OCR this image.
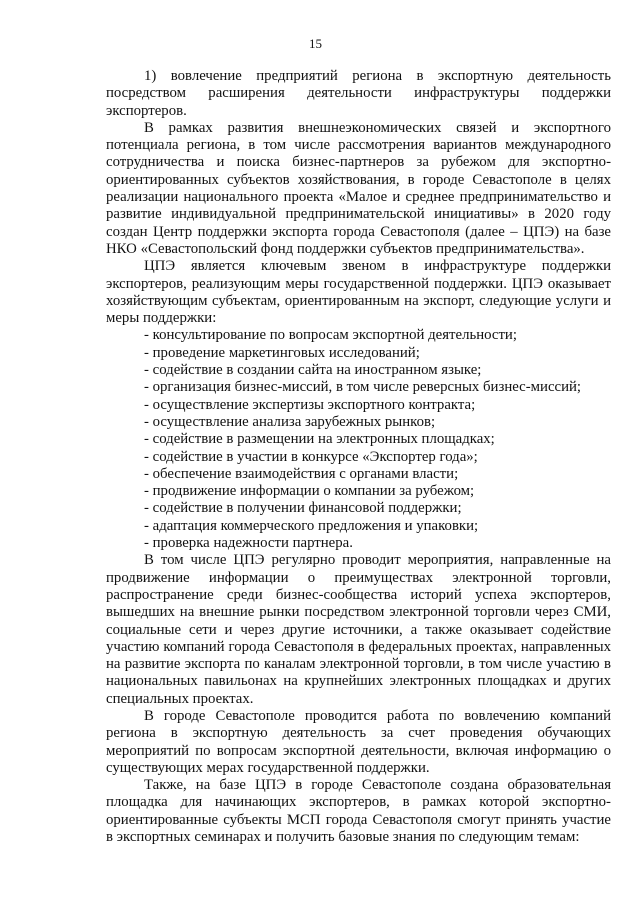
15

1) вовлечение предприятий региона в экспортную деятельность посредством расширения деятельности инфраструктуры поддержки экспортеров.

В рамках развития внешнеэкономических связей и экспортного потенциала региона, в том числе рассмотрения вариантов международного сотрудничества и поиска бизнес-партнеров за рубежом для экспортно-ориентированных субъектов хозяйствования, в городе Севастополе в целях реализации национального проекта «Малое и среднее предпринимательство и развитие индивидуальной предпринимательской инициативы» в 2020 году создан Центр поддержки экспорта города Севастополя (далее – ЦПЭ) на базе НКО «Севастопольский фонд поддержки субъектов предпринимательства».

ЦПЭ является ключевым звеном в инфраструктуре поддержки экспортеров, реализующим меры государственной поддержки. ЦПЭ оказывает хозяйствующим субъектам, ориентированным на экспорт, следующие услуги и меры поддержки:

- консультирование по вопросам экспортной деятельности;
- проведение маркетинговых исследований;
- содействие в создании сайта на иностранном языке;
- организация бизнес-миссий, в том числе реверсных бизнес-миссий;
- осуществление экспертизы экспортного контракта;
- осуществление анализа зарубежных рынков;
- содействие в размещении на электронных площадках;
- содействие в участии в конкурсе «Экспортер года»;
- обеспечение взаимодействия с органами власти;
- продвижение информации о компании за рубежом;
- содействие в получении финансовой поддержки;
- адаптация коммерческого предложения и упаковки;
- проверка надежности партнера.

В том числе ЦПЭ регулярно проводит мероприятия, направленные на продвижение информации о преимуществах электронной торговли, распространение среди бизнес-сообщества историй успеха экспортеров, вышедших на внешние рынки посредством электронной торговли через СМИ, социальные сети и через другие источники, а также оказывает содействие участию компаний города Севастополя в федеральных проектах, направленных на развитие экспорта по каналам электронной торговли, в том числе участию в национальных павильонах на крупнейших электронных площадках и других специальных проектах.

В городе Севастополе проводится работа по вовлечению компаний региона в экспортную деятельность за счет проведения обучающих мероприятий по вопросам экспортной деятельности, включая информацию о существующих мерах государственной поддержки.

Также, на базе ЦПЭ в городе Севастополе создана образовательная площадка для начинающих экспортеров, в рамках которой экспортно-ориентированные субъекты МСП города Севастополя смогут принять участие в экспортных семинарах и получить базовые знания по следующим темам:
